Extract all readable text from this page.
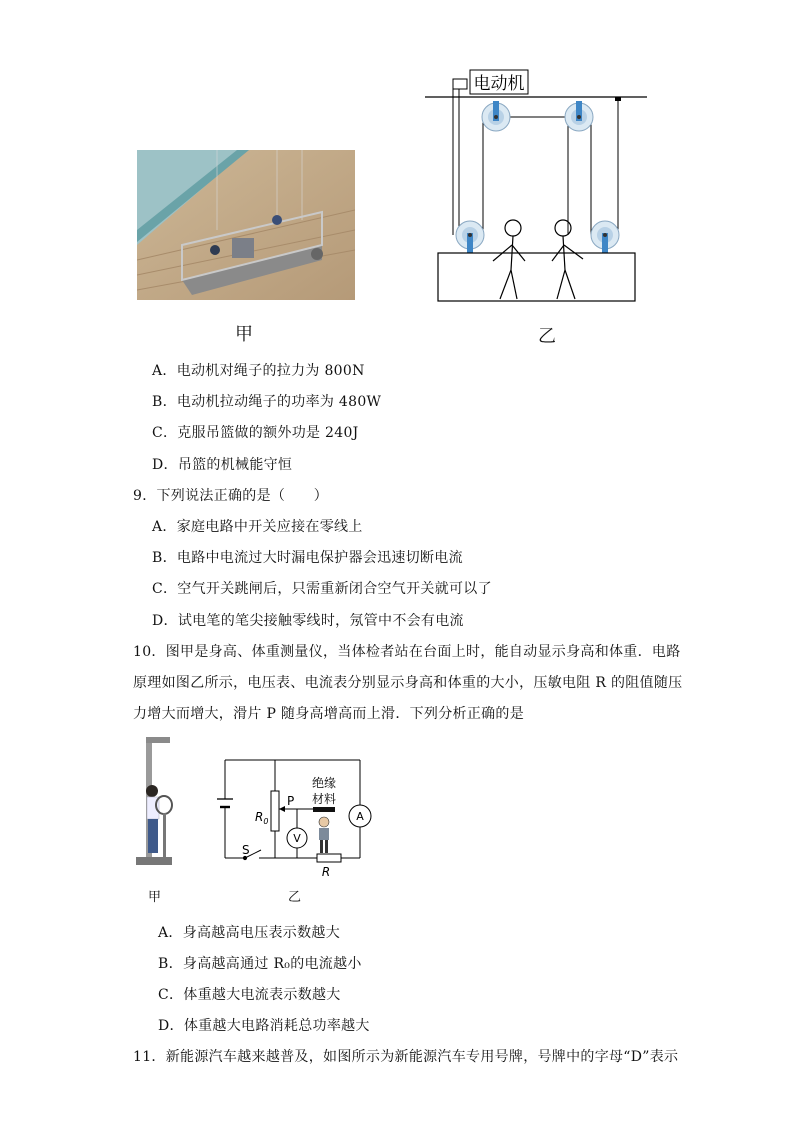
甲
电动机
乙
A．电动机对绳子的拉力为 800N
B．电动机拉动绳子的功率为 480W
C．克服吊篮做的额外功是 240J
D．吊篮的机械能守恒
9．下列说法正确的是（　　）
A．家庭电路中开关应接在零线上
B．电路中电流过大时漏电保护器会迅速切断电流
C．空气开关跳闸后，只需重新闭合空气开关就可以了
D．试电笔的笔尖接触零线时，氖管中不会有电流
10．图甲是身高、体重测量仪，当体检者站在台面上时，能自动显示身高和体重．电路
原理如图乙所示，电压表、电流表分别显示身高和体重的大小，压敏电阻 R 的阻值随压
力增大而增大，滑片 P 随身高增高而上滑．下列分析正确的是
甲
绝缘
材料
P
$R_0$
S
V
A
R
乙
A．身高越高电压表示数越大
B．身高越高通过 R₀的电流越小
C．体重越大电流表示数越大
D．体重越大电路消耗总功率越大
11．新能源汽车越来越普及，如图所示为新能源汽车专用号牌，号牌中的字母“D”表示
